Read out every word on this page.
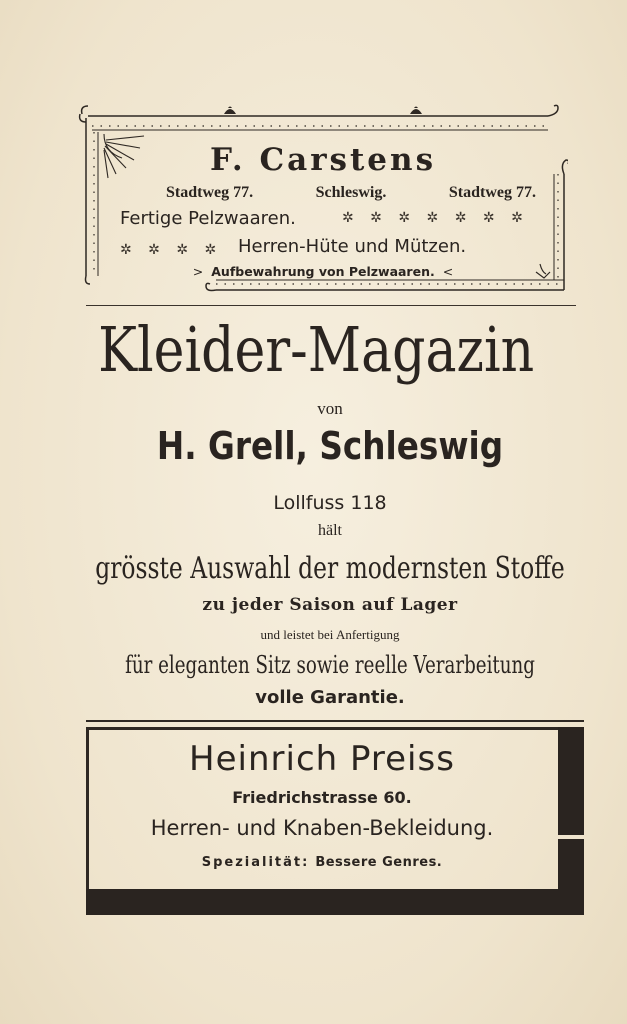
F. Carstens
Stadtweg 77.	Schleswig.	Stadtweg 77.
Fertige Pelzwaaren.	✲ ✲ ✲ ✲ ✲ ✲ ✲
✲ ✲ ✲ ✲ Herren-Hüte und Mützen.
> Aufbewahrung von Pelzwaaren. <
Kleider-Magazin
von
H. Grell, Schleswig
Lollfuss 118
hält
grösste Auswahl der modernsten Stoffe
zu jeder Saison auf Lager
und leistet bei Anfertigung
für eleganten Sitz sowie reelle Verarbeitung
volle Garantie.
Heinrich Preiss
Friedrichstrasse 60.
Herren- und Knaben-Bekleidung.
Spezialität: Bessere Genres.
